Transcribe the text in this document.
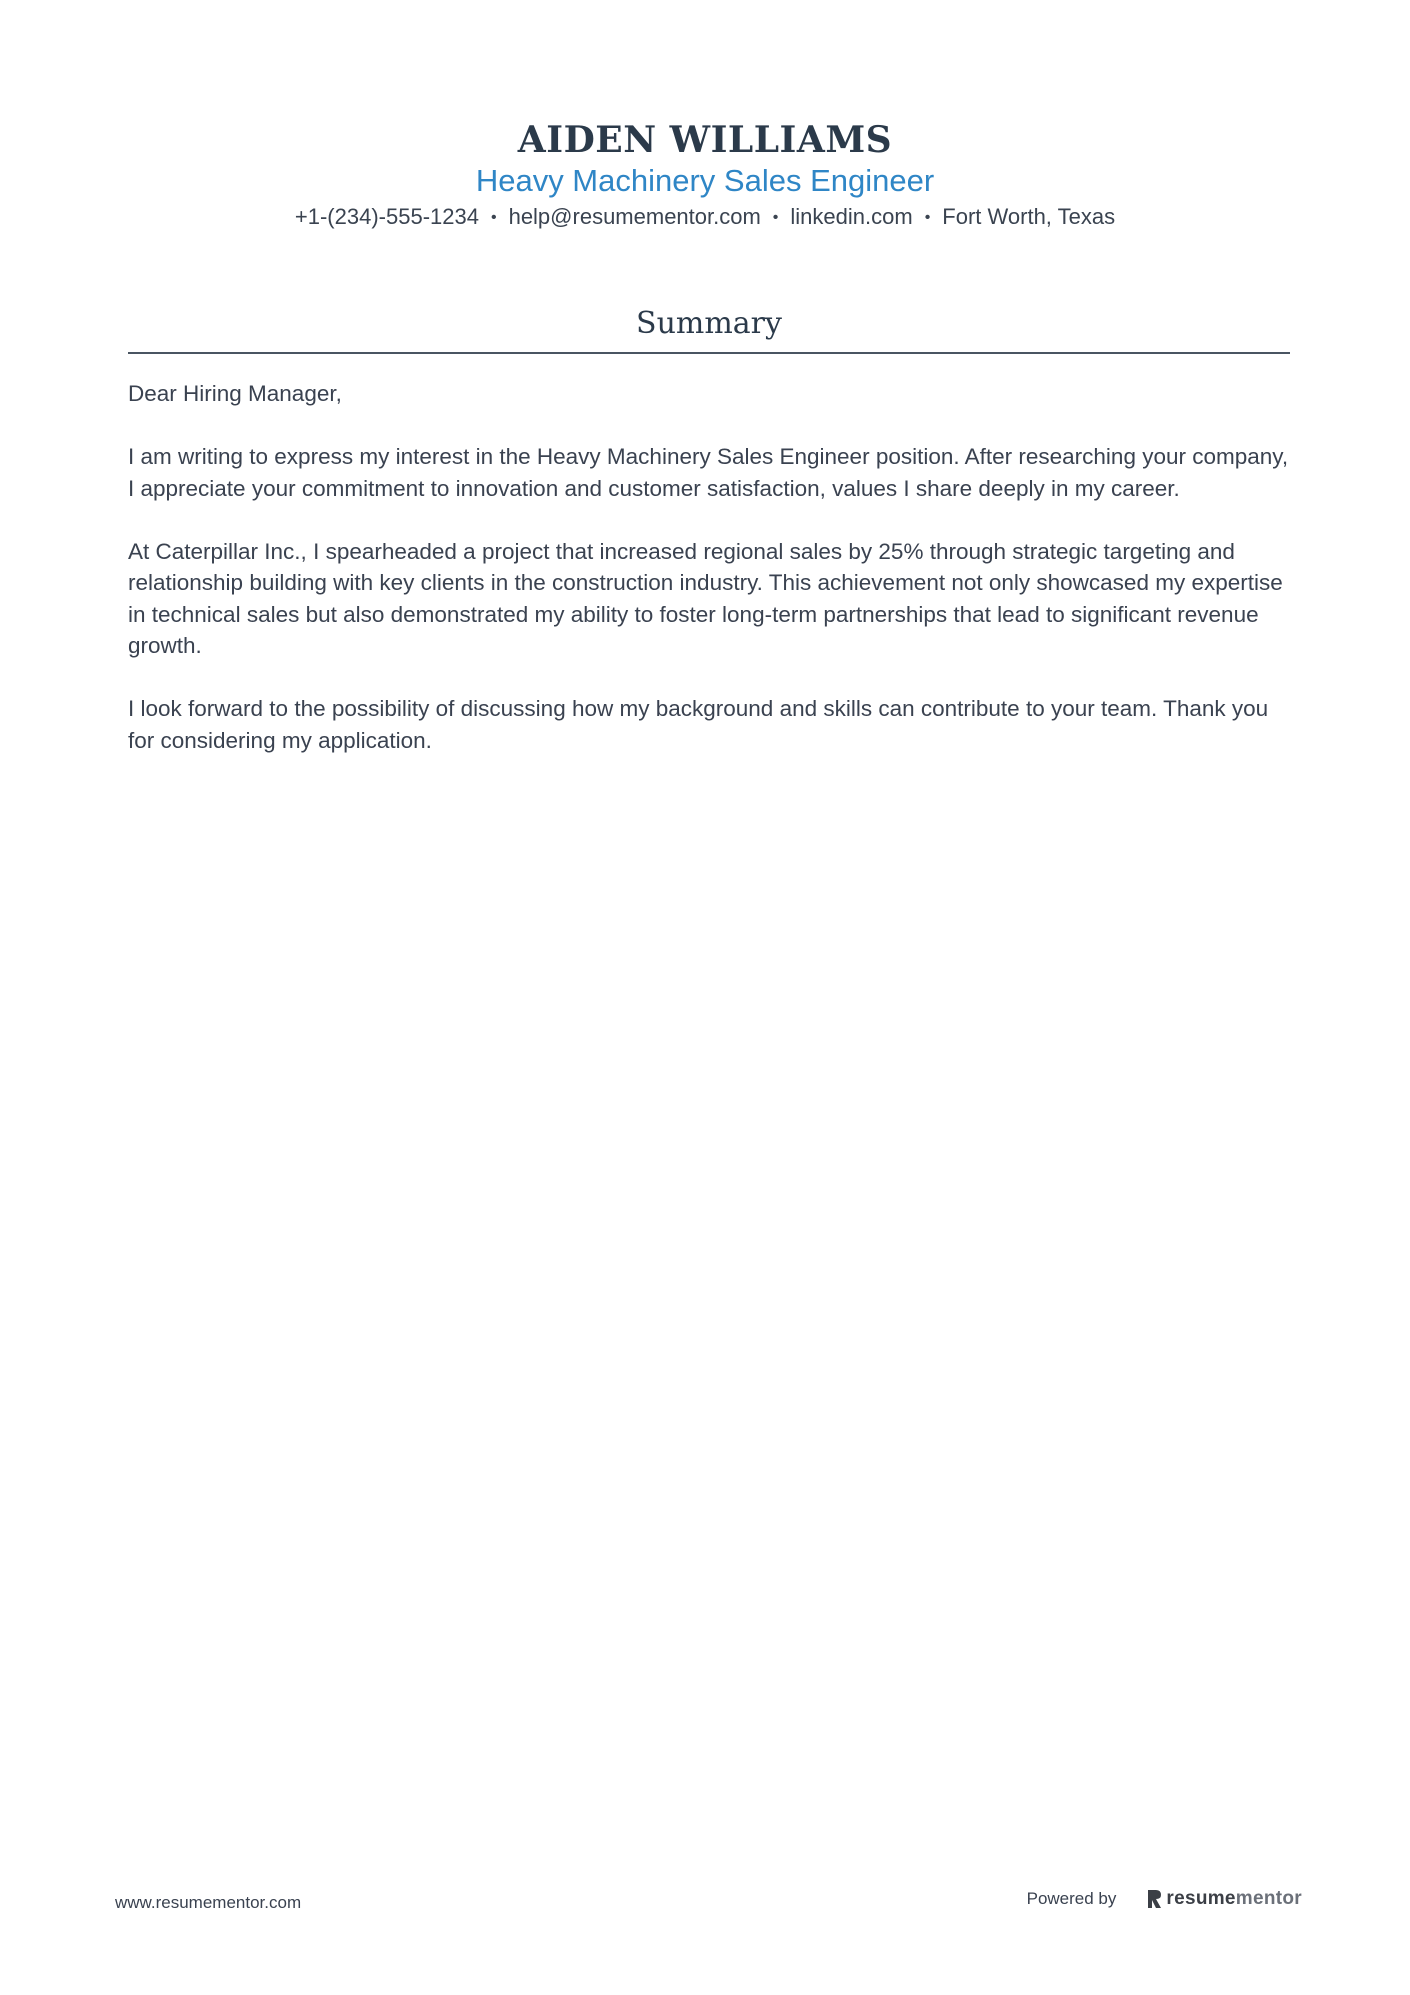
AIDEN WILLIAMS
Heavy Machinery Sales Engineer
+1-(234)-555-1234 • help@resumementor.com • linkedin.com • Fort Worth, Texas
Summary

Dear Hiring Manager,

I am writing to express my interest in the Heavy Machinery Sales Engineer position. After researching your company, I appreciate your commitment to innovation and customer satisfaction, values I share deeply in my career.

At Caterpillar Inc., I spearheaded a project that increased regional sales by 25% through strategic targeting and relationship building with key clients in the construction industry. This achievement not only showcased my expertise in technical sales but also demonstrated my ability to foster long-term partnerships that lead to significant revenue growth.

I look forward to the possibility of discussing how my background and skills can contribute to your team. Thank you for considering my application.

www.resumementor.com	Powered by	resume mentor
